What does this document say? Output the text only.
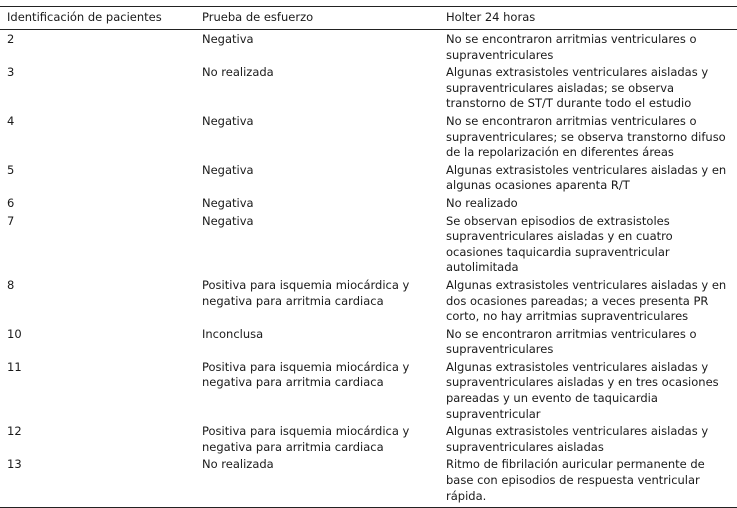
Identificación de pacientes	Prueba de esfuerzo	Holter 24 horas
2	Negativa	No se encontraron arritmias ventriculares o supraventriculares
3	No realizada	Algunas extrasistoles ventriculares aisladas y supraventriculares aisladas; se observa transtorno de ST/T durante todo el estudio
4	Negativa	No se encontraron arritmias ventriculares o supraventriculares; se observa transtorno difuso de la repolarización en diferentes áreas
5	Negativa	Algunas extrasistoles ventriculares aisladas y en algunas ocasiones aparenta R/T
6	Negativa	No realizado
7	Negativa	Se observan episodios de extrasistoles supraventriculares aisladas y en cuatro ocasiones taquicardia supraventricular autolimitada
8	Positiva para isquemia miocárdica y negativa para arritmia cardiaca	Algunas extrasistoles ventriculares aisladas y en dos ocasiones pareadas; a veces presenta PR corto, no hay arritmias supraventriculares
10	Inconclusa	No se encontraron arritmias ventriculares o supraventriculares
11	Positiva para isquemia miocárdica y negativa para arritmia cardiaca	Algunas extrasistoles ventriculares aisladas y supraventriculares aisladas y en tres ocasiones pareadas y un evento de taquicardia supraventricular
12	Positiva para isquemia miocárdica y negativa para arritmia cardiaca	Algunas extrasistoles ventriculares aisladas y supraventriculares aisladas
13	No realizada	Ritmo de fibrilación auricular permanente de base con episodios de respuesta ventricular rápida.
